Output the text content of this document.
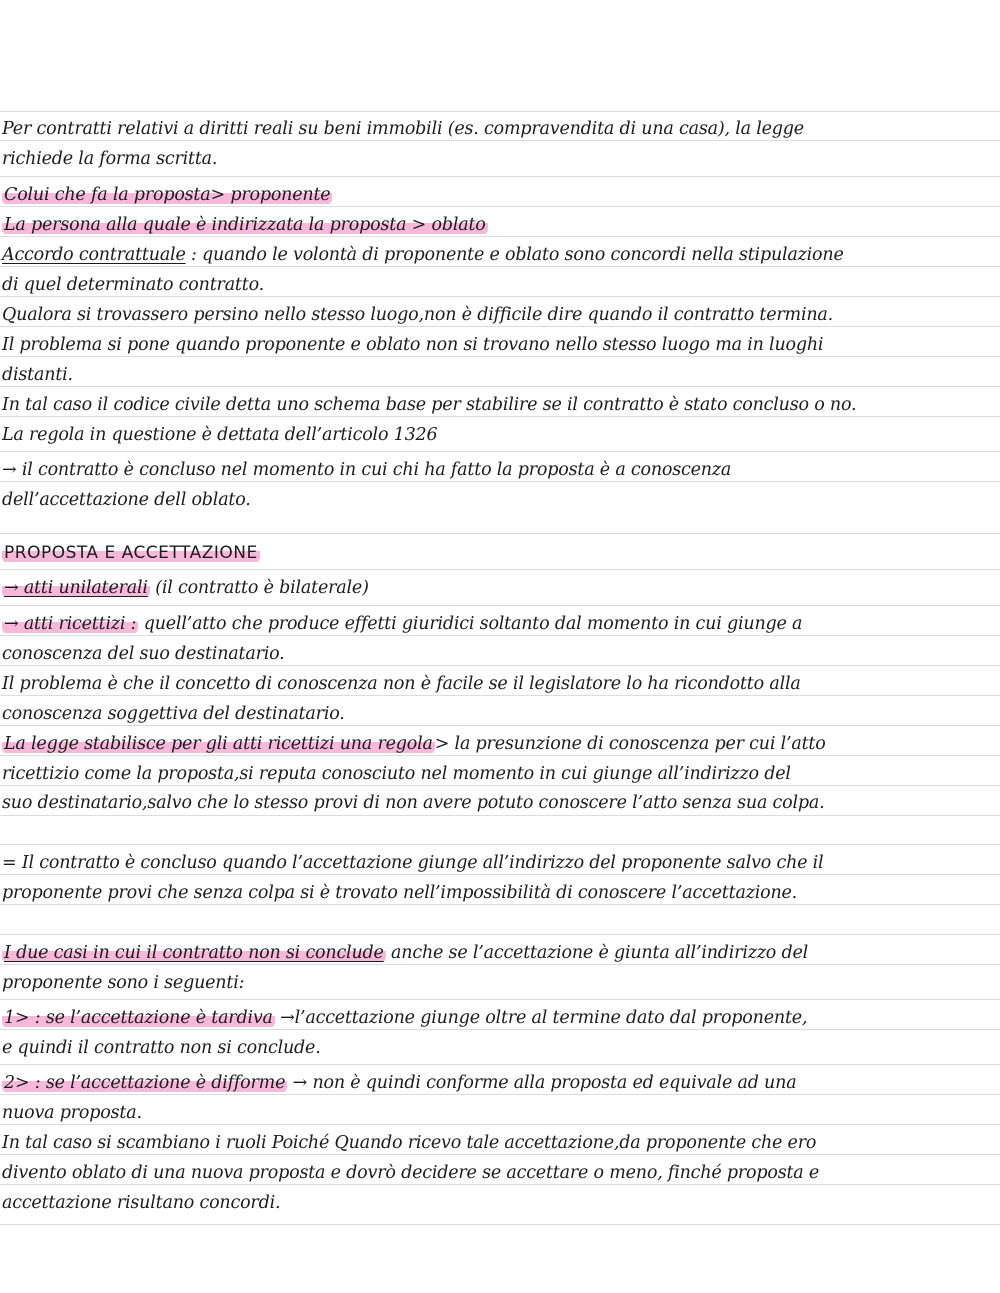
Per contratti relativi a diritti reali su beni immobili (es. compravendita di una casa), la legge
richiede la forma scritta.
Colui che fa la proposta> proponente
La persona alla quale è indirizzata la proposta > oblato
Accordo contrattuale : quando le volontà di proponente e oblato sono concordi nella stipulazione
di quel determinato contratto.
Qualora si trovassero persino nello stesso luogo,non è difficile dire quando il contratto termina.
Il problema si pone quando proponente e oblato non si trovano nello stesso luogo ma in luoghi
distanti.
In tal caso il codice civile detta uno schema base per stabilire se il contratto è stato concluso o no.
La regola in questione è dettata dell’articolo 1326
→ il contratto è concluso nel momento in cui chi ha fatto la proposta è a conoscenza
dell’accettazione dell oblato.
PROPOSTA E ACCETTAZIONE
→ atti unilaterali (il contratto è bilaterale)
→ atti ricettizi : quell’atto che produce effetti giuridici soltanto dal momento in cui giunge a
conoscenza del suo destinatario.
Il problema è che il concetto di conoscenza non è facile se il legislatore lo ha ricondotto alla
conoscenza soggettiva del destinatario.
La legge stabilisce per gli atti ricettizi una regola > la presunzione di conoscenza per cui l’atto
ricettizio come la proposta,si reputa conosciuto nel momento in cui giunge all’indirizzo del
suo destinatario,salvo che lo stesso provi di non avere potuto conoscere l’atto senza sua colpa.
= Il contratto è concluso quando l’accettazione giunge all’indirizzo del proponente salvo che il
proponente provi che senza colpa si è trovato nell’impossibilità di conoscere l’accettazione.
I due casi in cui il contratto non si conclude anche se l’accettazione è giunta all’indirizzo del
proponente sono i seguenti:
1> : se l’accettazione è tardiva →l’accettazione giunge oltre al termine dato dal proponente,
e quindi il contratto non si conclude.
2> : se l’accettazione è difforme → non è quindi conforme alla proposta ed equivale ad una
nuova proposta.
In tal caso si scambiano i ruoli Poiché Quando ricevo tale accettazione,da proponente che ero
divento oblato di una nuova proposta e dovrò decidere se accettare o meno, finché proposta e
accettazione risultano concordi.
